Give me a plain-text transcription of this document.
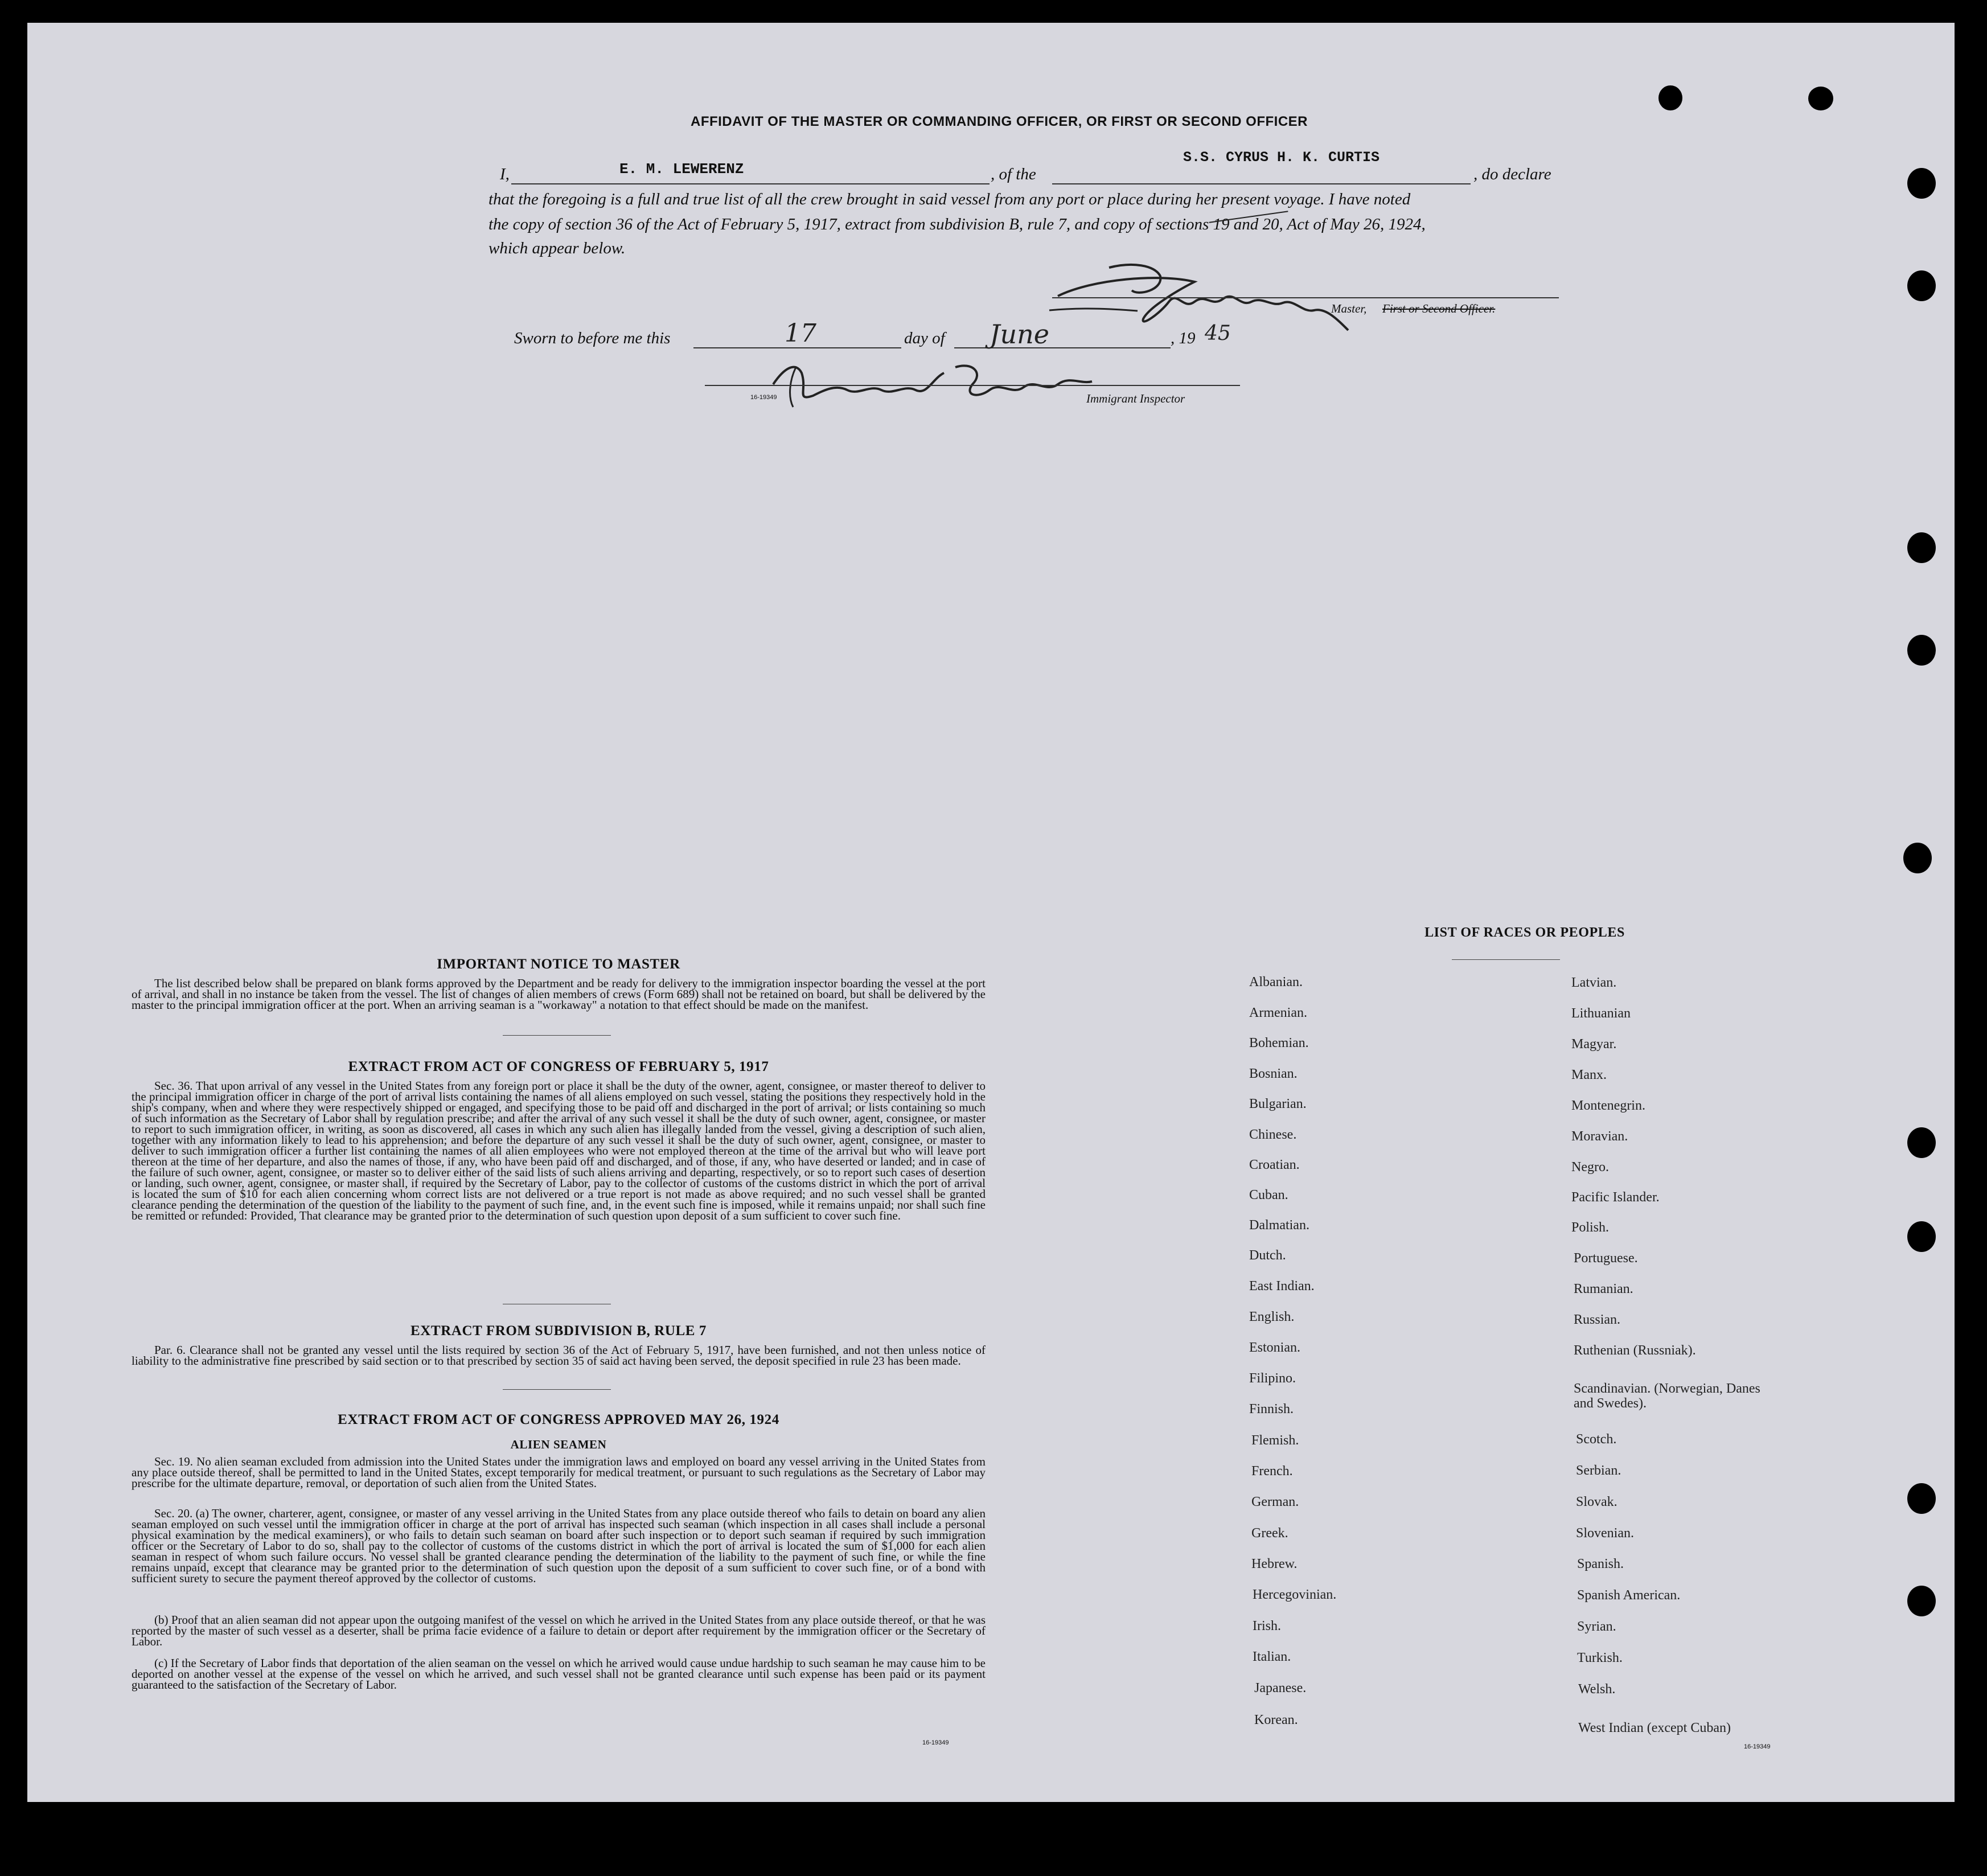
AFFIDAVIT OF THE MASTER OR COMMANDING OFFICER, OR FIRST OR SECOND OFFICER
I,	E. M. LEWERENZ	, of the
S.S. CYRUS H. K. CURTIS
, do declare
that the foregoing is a full and true list of all the crew brought in said vessel from any port or place during her present voyage. I have noted
the copy of section 36 of the Act of February 5, 1917, extract from subdivision B, rule 7, and copy of sections 19 and 20, Act of May 26, 1924,
which appear below.
Master, First or Second Officer.
Sworn to before me this	17	day of June	, 19 45
16-19349	Immigrant Inspector
IMPORTANT NOTICE TO MASTER
The list described below shall be prepared on blank forms approved by the Department and be ready for delivery to the immigration inspector boarding the vessel at the port of arrival, and shall in no instance be taken from the vessel. The list of changes of alien members of crews (Form 689) shall not be retained on board, but shall be delivered by the master to the principal immigration officer at the port. When an arriving seaman is a "workaway" a notation to that effect should be made on the manifest.
EXTRACT FROM ACT OF CONGRESS OF FEBRUARY 5, 1917
Sec. 36. That upon arrival of any vessel in the United States from any foreign port or place it shall be the duty of the owner, agent, consignee, or master thereof to deliver to the principal immigration officer in charge of the port of arrival lists containing the names of all aliens employed on such vessel, stating the positions they respectively hold in the ship's company, when and where they were respectively shipped or engaged, and specifying those to be paid off and discharged in the port of arrival; or lists containing so much of such information as the Secretary of Labor shall by regulation prescribe; and after the arrival of any such vessel it shall be the duty of such owner, agent, consignee, or master to report to such immigration officer, in writing, as soon as discovered, all cases in which any such alien has illegally landed from the vessel, giving a description of such alien, together with any information likely to lead to his apprehension; and before the departure of any such vessel it shall be the duty of such owner, agent, consignee, or master to deliver to such immigration officer a further list containing the names of all alien employees who were not employed thereon at the time of the arrival but who will leave port thereon at the time of her departure, and also the names of those, if any, who have been paid off and discharged, and of those, if any, who have deserted or landed; and in case of the failure of such owner, agent, consignee, or master so to deliver either of the said lists of such aliens arriving and departing, respectively, or so to report such cases of desertion or landing, such owner, agent, consignee, or master shall, if required by the Secretary of Labor, pay to the collector of customs of the customs district in which the port of arrival is located the sum of $10 for each alien concerning whom correct lists are not delivered or a true report is not made as above required; and no such vessel shall be granted clearance pending the determination of the question of the liability to the payment of such fine, and, in the event such fine is imposed, while it remains unpaid; nor shall such fine be remitted or refunded: Provided, That clearance may be granted prior to the determination of such question upon deposit of a sum sufficient to cover such fine.
EXTRACT FROM SUBDIVISION B, RULE 7
Par. 6. Clearance shall not be granted any vessel until the lists required by section 36 of the Act of February 5, 1917, have been furnished, and not then unless notice of liability to the administrative fine prescribed by said section or to that prescribed by section 35 of said act having been served, the deposit specified in rule 23 has been made.
EXTRACT FROM ACT OF CONGRESS APPROVED MAY 26, 1924
ALIEN SEAMEN
Sec. 19. No alien seaman excluded from admission into the United States under the immigration laws and employed on board any vessel arriving in the United States from any place outside thereof, shall be permitted to land in the United States, except temporarily for medical treatment, or pursuant to such regulations as the Secretary of Labor may prescribe for the ultimate departure, removal, or deportation of such alien from the United States.
Sec. 20. (a) The owner, charterer, agent, consignee, or master of any vessel arriving in the United States from any place outside thereof who fails to detain on board any alien seaman employed on such vessel until the immigration officer in charge at the port of arrival has inspected such seaman (which inspection in all cases shall include a personal physical examination by the medical examiners), or who fails to detain such seaman on board after such inspection or to deport such seaman if required by such immigration officer or the Secretary of Labor to do so, shall pay to the collector of customs of the customs district in which the port of arrival is located the sum of $1,000 for each alien seaman in respect of whom such failure occurs. No vessel shall be granted clearance pending the determination of the liability to the payment of such fine, or while the fine remains unpaid, except that clearance may be granted prior to the determination of such question upon the deposit of a sum sufficient to cover such fine, or of a bond with sufficient surety to secure the payment thereof approved by the collector of customs.
(b) Proof that an alien seaman did not appear upon the outgoing manifest of the vessel on which he arrived in the United States from any place outside thereof, or that he was reported by the master of such vessel as a deserter, shall be prima facie evidence of a failure to detain or deport after requirement by the immigration officer or the Secretary of Labor.
(c) If the Secretary of Labor finds that deportation of the alien seaman on the vessel on which he arrived would cause undue hardship to such seaman he may cause him to be deported on another vessel at the expense of the vessel on which he arrived, and such vessel shall not be granted clearance until such expense has been paid or its payment guaranteed to the satisfaction of the Secretary of Labor.
16-19349
LIST OF RACES OR PEOPLES
Albanian.
Armenian.
Bohemian.
Bosnian.
Bulgarian.
Chinese.
Croatian.
Cuban.
Dalmatian.
Dutch.
East Indian.
English.
Estonian.
Filipino.
Finnish.
Flemish.
French.
German.
Greek.
Hebrew.
Hercegovinian.
Irish.
Italian.
Japanese.
Korean.
Latvian.
Lithuanian
Magyar.
Manx.
Montenegrin.
Moravian.
Negro.
Pacific Islander.
Polish.
Portuguese.
Rumanian.
Russian.
Ruthenian (Russniak).
Scandinavian. (Norwegian, Danes and Swedes).
Scotch.
Serbian.
Slovak.
Slovenian.
Spanish.
Spanish American.
Syrian.
Turkish.
Welsh.
West Indian (except Cuban)
16-19349
